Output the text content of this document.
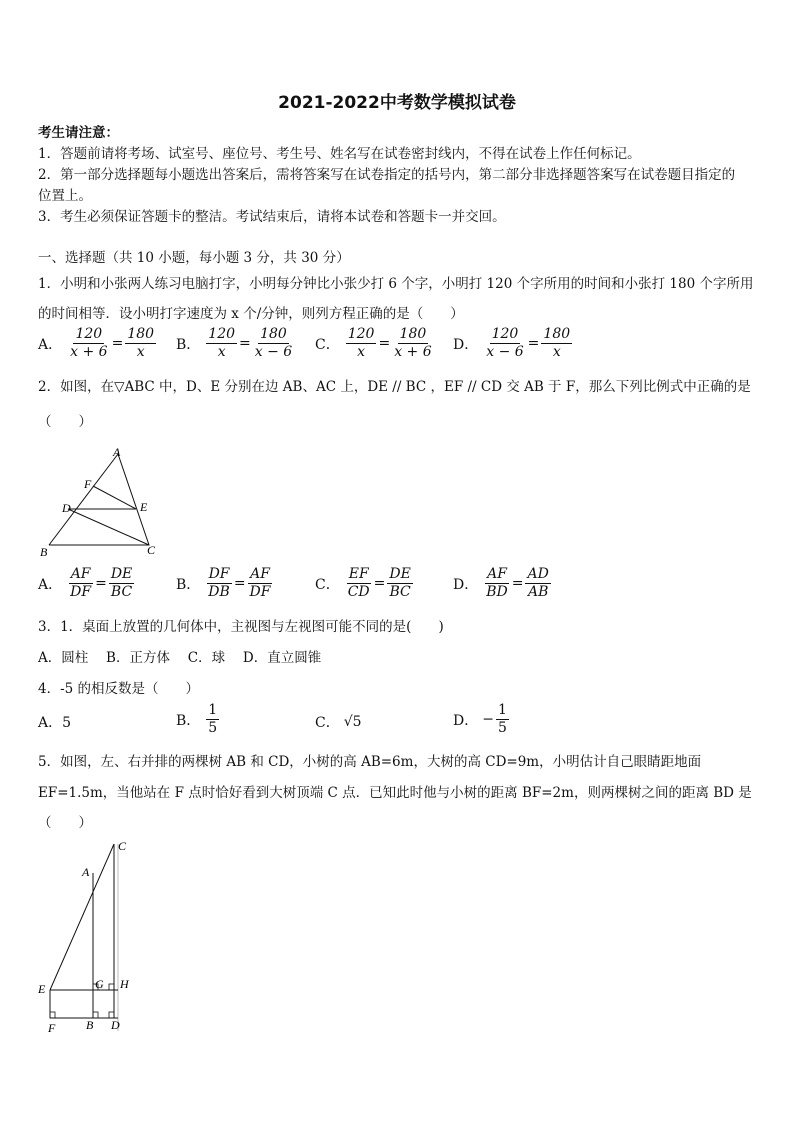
2021-2022中考数学模拟试卷
考生请注意：
1．答题前请将考场、试室号、座位号、考生号、姓名写在试卷密封线内，不得在试卷上作任何标记。
2．第一部分选择题每小题选出答案后，需将答案写在试卷指定的括号内，第二部分非选择题答案写在试卷题目指定的
位置上。
3．考生必须保证答题卡的整洁。考试结束后，请将本试卷和答题卡一并交回。
一、选择题（共 10 小题，每小题 3 分，共 30 分）
1．小明和小张两人练习电脑打字，小明每分钟比小张少打 6 个字，小明打 120 个字所用的时间和小张打 180 个字所用
的时间相等．设小明打字速度为 x 个/分钟，则列方程正确的是（　　）
A． $\frac{120}{x + 6} = \frac{180}{x}$ B． $\frac{120}{x} = \frac{180}{x - 6}$ C． $\frac{120}{x} = \frac{180}{x + 6}$ D． $\frac{120}{x - 6} = \frac{180}{x}$
2．如图，在▽ABC 中，D、E 分别在边 AB、AC 上，DE // BC ，EF // CD 交 AB 于 F，那么下列比例式中正确的是
（　　）
A
F
D	E
B	C
A． $\frac{AF}{DF} = \frac{DE}{BC}$	B． $\frac{DF}{DB} = \frac{AF}{DF}$	C． $\frac{EF}{CD} = \frac{DE}{BC}$	D． $\frac{AF}{BD} = \frac{AD}{AB}$
3．1．桌面上放置的几何体中，主视图与左视图可能不同的是(　　)
A．圆柱　 B．正方体　 C．球　 D．直立圆锥
4．-5 的相反数是（　　）
A．5	B． $\frac{1}{5}$	C． √5	D． − $\frac{1}{5}$
5．如图，左、右并排的两棵树 AB 和 CD，小树的高 AB=6m，大树的高 CD=9m，小明估计自己眼睛距地面
EF=1.5m，当他站在 F 点时恰好看到大树顶端 C 点．已知此时他与小树的距离 BF=2m，则两棵树之间的距离 BD 是
（　　）
C
A
E	G H
F	B D
